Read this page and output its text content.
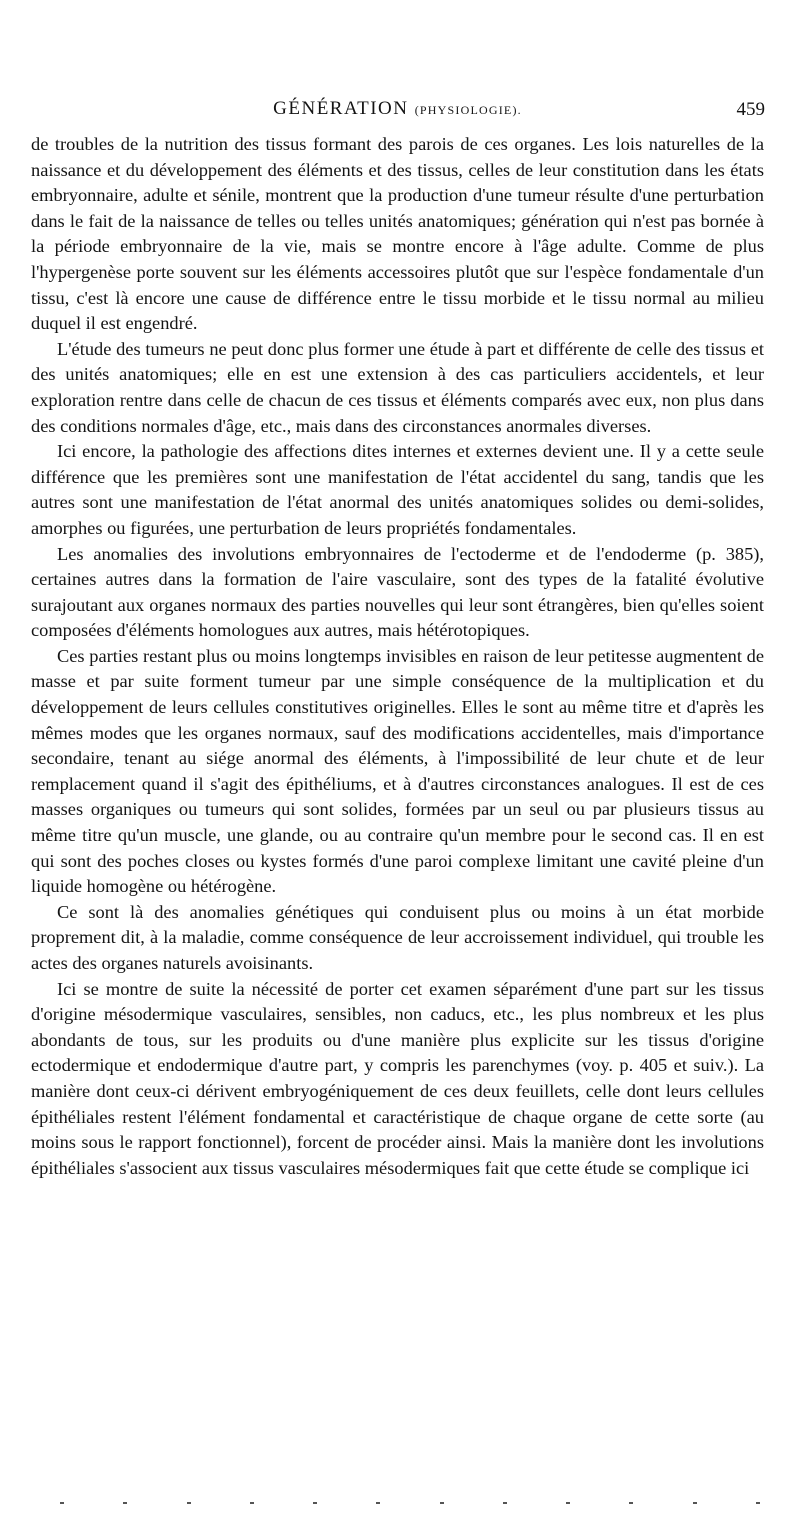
GÉNÉRATION (PHYSIOLOGIE).	459

de troubles de la nutrition des tissus formant des parois de ces organes. Les lois naturelles de la naissance et du développement des éléments et des tissus, celles de leur constitution dans les états embryonnaire, adulte et sénile, montrent que la production d'une tumeur résulte d'une perturbation dans le fait de la naissance de telles ou telles unités anatomiques; génération qui n'est pas bornée à la période embryonnaire de la vie, mais se montre encore à l'âge adulte. Comme de plus l'hypergenèse porte souvent sur les éléments accessoires plutôt que sur l'espèce fondamentale d'un tissu, c'est là encore une cause de différence entre le tissu morbide et le tissu normal au milieu duquel il est engendré.

L'étude des tumeurs ne peut donc plus former une étude à part et différente de celle des tissus et des unités anatomiques; elle en est une extension à des cas particuliers accidentels, et leur exploration rentre dans celle de chacun de ces tissus et éléments comparés avec eux, non plus dans des conditions normales d'âge, etc., mais dans des circonstances anormales diverses.

Ici encore, la pathologie des affections dites internes et externes devient une. Il y a cette seule différence que les premières sont une manifestation de l'état accidentel du sang, tandis que les autres sont une manifestation de l'état anormal des unités anatomiques solides ou demi-solides, amorphes ou figurées, une perturbation de leurs propriétés fondamentales.

Les anomalies des involutions embryonnaires de l'ectoderme et de l'endoderme (p. 385), certaines autres dans la formation de l'aire vasculaire, sont des types de la fatalité évolutive surajoutant aux organes normaux des parties nouvelles qui leur sont étrangères, bien qu'elles soient composées d'éléments homologues aux autres, mais hétérotopiques.

Ces parties restant plus ou moins longtemps invisibles en raison de leur petitesse augmentent de masse et par suite forment tumeur par une simple conséquence de la multiplication et du développement de leurs cellules constitutives originelles. Elles le sont au même titre et d'après les mêmes modes que les organes normaux, sauf des modifications accidentelles, mais d'importance secondaire, tenant au siége anormal des éléments, à l'impossibilité de leur chute et de leur remplacement quand il s'agit des épithéliums, et à d'autres circonstances analogues. Il est de ces masses organiques ou tumeurs qui sont solides, formées par un seul ou par plusieurs tissus au même titre qu'un muscle, une glande, ou au contraire qu'un membre pour le second cas. Il en est qui sont des poches closes ou kystes formés d'une paroi complexe limitant une cavité pleine d'un liquide homogène ou hétérogène.

Ce sont là des anomalies génétiques qui conduisent plus ou moins à un état morbide proprement dit, à la maladie, comme conséquence de leur accroissement individuel, qui trouble les actes des organes naturels avoisinants.

Ici se montre de suite la nécessité de porter cet examen séparément d'une part sur les tissus d'origine mésodermique vasculaires, sensibles, non caducs, etc., les plus nombreux et les plus abondants de tous, sur les produits ou d'une manière plus explicite sur les tissus d'origine ectodermique et endodermique d'autre part, y compris les parenchymes (voy. p. 405 et suiv.). La manière dont ceux-ci dérivent embryogéniquement de ces deux feuillets, celle dont leurs cellules épithéliales restent l'élément fondamental et caractéristique de chaque organe de cette sorte (au moins sous le rapport fonctionnel), forcent de procéder ainsi. Mais la manière dont les involutions épithéliales s'associent aux tissus vasculaires mésodermiques fait que cette étude se complique ici
